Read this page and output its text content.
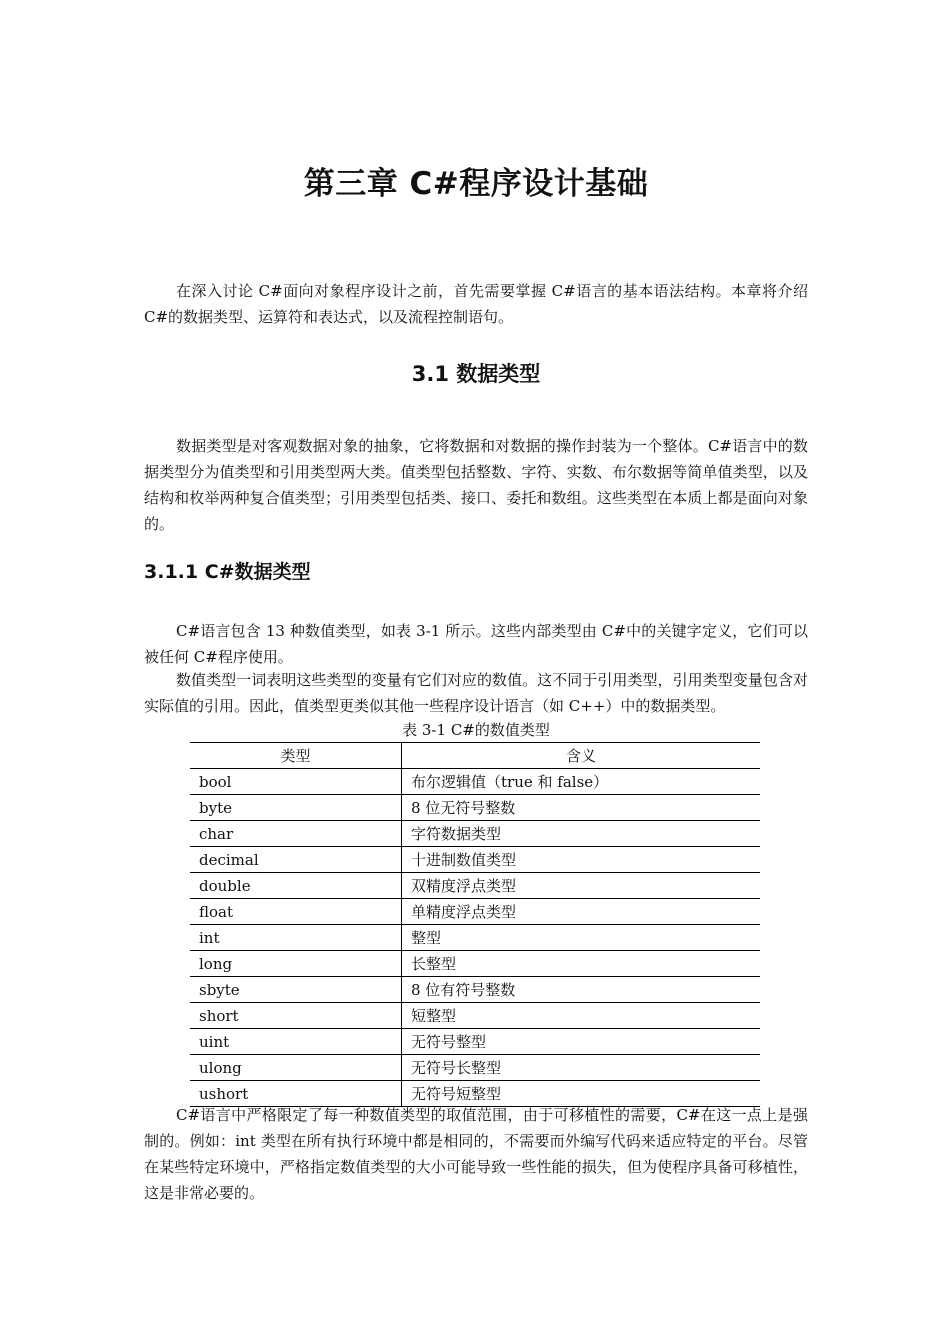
第三章 C#程序设计基础

在深入讨论 C#面向对象程序设计之前，首先需要掌握 C#语言的基本语法结构。本章将介绍 C#的数据类型、运算符和表达式，以及流程控制语句。

3.1 数据类型

数据类型是对客观数据对象的抽象，它将数据和对数据的操作封装为一个整体。C#语言中的数据类型分为值类型和引用类型两大类。值类型包括整数、字符、实数、布尔数据等简单值类型，以及结构和枚举两种复合值类型；引用类型包括类、接口、委托和数组。这些类型在本质上都是面向对象的。

3.1.1 C#数据类型

C#语言包含 13 种数值类型，如表 3-1 所示。这些内部类型由 C#中的关键字定义，它们可以被任何 C#程序使用。

数值类型一词表明这些类型的变量有它们对应的数值。这不同于引用类型，引用类型变量包含对实际值的引用。因此，值类型更类似其他一些程序设计语言（如 C++）中的数据类型。

表 3-1 C#的数值类型
类型	含义
bool	布尔逻辑值（true 和 false）
byte	8 位无符号整数
char	字符数据类型
decimal	十进制数值类型
double	双精度浮点类型
float	单精度浮点类型
int	整型
long	长整型
sbyte	8 位有符号整数
short	短整型
uint	无符号整型
ulong	无符号长整型
ushort	无符号短整型

C#语言中严格限定了每一种数值类型的取值范围，由于可移植性的需要，C#在这一点上是强制的。例如：int 类型在所有执行环境中都是相同的，不需要而外编写代码来适应特定的平台。尽管在某些特定环境中，严格指定数值类型的大小可能导致一些性能的损失，但为使程序具备可移植性，这是非常必要的。
